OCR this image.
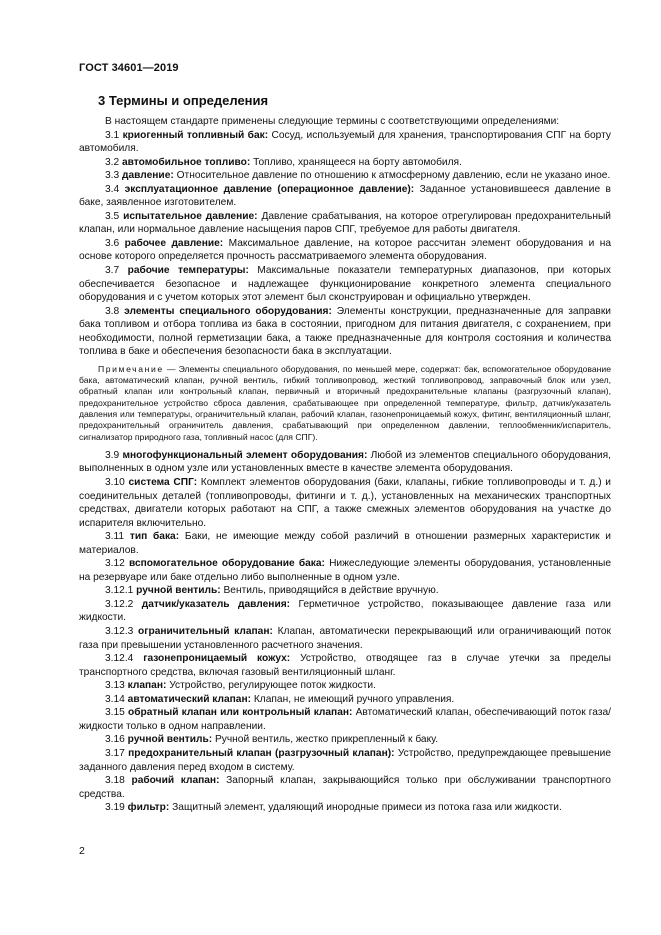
ГОСТ 34601—2019
3 Термины и определения

В настоящем стандарте применены следующие термины с соответствующими определениями:

3.1 криогенный топливный бак: Сосуд, используемый для хранения, транспортирования СПГ на борту автомобиля.

3.2 автомобильное топливо: Топливо, хранящееся на борту автомобиля.

3.3 давление: Относительное давление по отношению к атмосферному давлению, если не указано иное.

3.4 эксплуатационное давление (операционное давление): Заданное установившееся давление в баке, заявленное изготовителем.

3.5 испытательное давление: Давление срабатывания, на которое отрегулирован предохранительный клапан, или нормальное давление насыщения паров СПГ, требуемое для работы двигателя.

3.6 рабочее давление: Максимальное давление, на которое рассчитан элемент оборудования и на основе которого определяется прочность рассматриваемого элемента оборудования.

3.7 рабочие температуры: Максимальные показатели температурных диапазонов, при которых обеспечивается безопасное и надлежащее функционирование конкретного элемента специального оборудования и с учетом которых этот элемент был сконструирован и официально утвержден.

3.8 элементы специального оборудования: Элементы конструкции, предназначенные для заправки бака топливом и отбора топлива из бака в состоянии, пригодном для питания двигателя, с сохранением, при необходимости, полной герметизации бака, а также предназначенные для контроля состояния и количества топлива в баке и обеспечения безопасности бака в эксплуатации.

Примечание — Элементы специального оборудования, по меньшей мере, содержат: бак, вспомогательное оборудование бака, автоматический клапан, ручной вентиль, гибкий топливопровод, жесткий топливопровод, заправочный блок или узел, обратный клапан или контрольный клапан, первичный и вторичный предохранительные клапаны (разгрузочный клапан), предохранительное устройство сброса давления, срабатывающее при определенной температуре, фильтр, датчик/указатель давления или температуры, ограничительный клапан, рабочий клапан, газонепроницаемый кожух, фитинг, вентиляционный шланг, предохранительный ограничитель давления, срабатывающий при определенном давлении, теплообменник/испаритель, сигнализатор природного газа, топливный насос (для СПГ).

3.9 многофункциональный элемент оборудования: Любой из элементов специального оборудования, выполненных в одном узле или установленных вместе в качестве элемента оборудования.

3.10 система СПГ: Комплект элементов оборудования (баки, клапаны, гибкие топливопроводы и т. д.) и соединительных деталей (топливопроводы, фитинги и т. д.), установленных на механических транспортных средствах, двигатели которых работают на СПГ, а также смежных элементов оборудования на участке до испарителя включительно.

3.11 тип бака: Баки, не имеющие между собой различий в отношении размерных характеристик и материалов.

3.12 вспомогательное оборудование бака: Нижеследующие элементы оборудования, установленные на резервуаре или баке отдельно либо выполненные в одном узле.

3.12.1 ручной вентиль: Вентиль, приводящийся в действие вручную.

3.12.2 датчик/указатель давления: Герметичное устройство, показывающее давление газа или жидкости.

3.12.3 ограничительный клапан: Клапан, автоматически перекрывающий или ограничивающий поток газа при превышении установленного расчетного значения.

3.12.4 газонепроницаемый кожух: Устройство, отводящее газ в случае утечки за пределы транспортного средства, включая газовый вентиляционный шланг.

3.13 клапан: Устройство, регулирующее поток жидкости.

3.14 автоматический клапан: Клапан, не имеющий ручного управления.

3.15 обратный клапан или контрольный клапан: Автоматический клапан, обеспечивающий поток газа/жидкости только в одном направлении.

3.16 ручной вентиль: Ручной вентиль, жестко прикрепленный к баку.

3.17 предохранительный клапан (разгрузочный клапан): Устройство, предупреждающее превышение заданного давления перед входом в систему.

3.18 рабочий клапан: Запорный клапан, закрывающийся только при обслуживании транспортного средства.

3.19 фильтр: Защитный элемент, удаляющий инородные примеси из потока газа или жидкости.

2
